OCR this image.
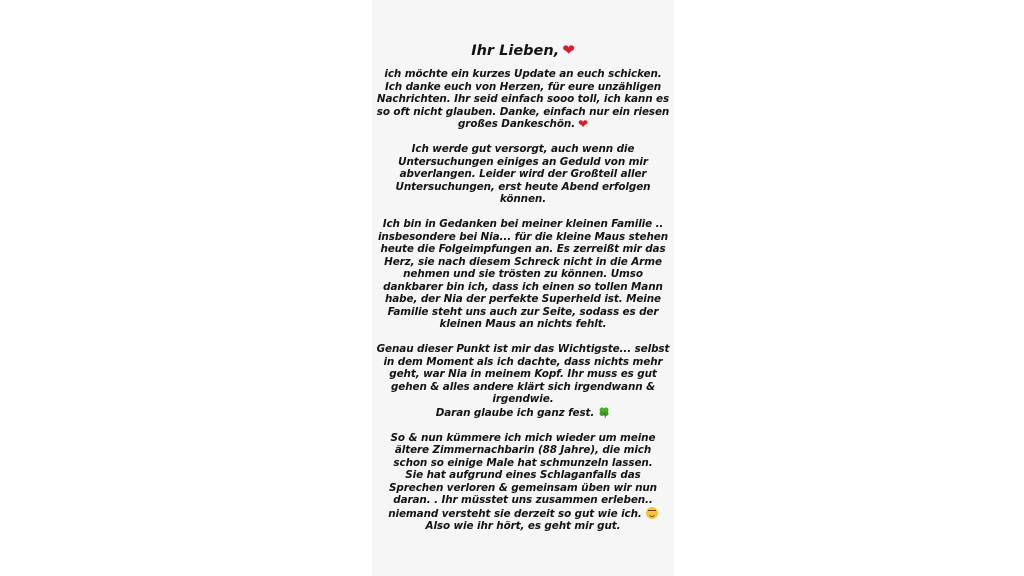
Ihr Lieben, ❤
ich möchte ein kurzes Update an euch schicken.
Ich danke euch von Herzen, für eure unzähligen
Nachrichten. Ihr seid einfach sooo toll, ich kann es
so oft nicht glauben. Danke, einfach nur ein riesen
großes Dankeschön. ❤
Ich werde gut versorgt, auch wenn die
Untersuchungen einiges an Geduld von mir
abverlangen. Leider wird der Großteil aller
Untersuchungen, erst heute Abend erfolgen
können.
Ich bin in Gedanken bei meiner kleinen Familie ..
insbesondere bei Nia... für die kleine Maus stehen
heute die Folgeimpfungen an. Es zerreißt mir das
Herz, sie nach diesem Schreck nicht in die Arme
nehmen und sie trösten zu können. Umso
dankbarer bin ich, dass ich einen so tollen Mann
habe, der Nia der perfekte Superheld ist. Meine
Familie steht uns auch zur Seite, sodass es der
kleinen Maus an nichts fehlt.
Genau dieser Punkt ist mir das Wichtigste... selbst
in dem Moment als ich dachte, dass nichts mehr
geht, war Nia in meinem Kopf. Ihr muss es gut
gehen & alles andere klärt sich irgendwann &
irgendwie.
Daran glaube ich ganz fest.
So & nun kümmere ich mich wieder um meine
ältere Zimmernachbarin (88 Jahre), die mich
schon so einige Male hat schmunzeln lassen.
Sie hat aufgrund eines Schlaganfalls das
Sprechen verloren & gemeinsam üben wir nun
daran. . Ihr müsstet uns zusammen erleben..
niemand versteht sie derzeit so gut wie ich.
Also wie ihr hört, es geht mir gut.
